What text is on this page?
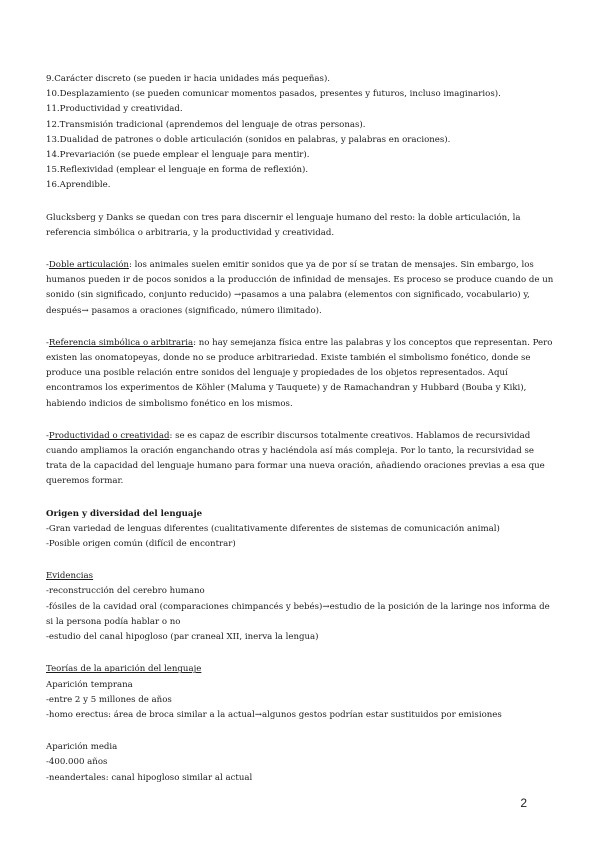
9.Carácter discreto (se pueden ir hacia unidades más pequeñas).

10.Desplazamiento (se pueden comunicar momentos pasados, presentes y futuros, incluso imaginarios).

11.Productividad y creatividad.

12.Transmisión tradicional (aprendemos del lenguaje de otras personas).

13.Dualidad de patrones o doble articulación (sonidos en palabras, y palabras en oraciones).

14.Prevariación (se puede emplear el lenguaje para mentir).

15.Reflexividad (emplear el lenguaje en forma de reflexión).

16.Aprendible.

Glucksberg y Danks se quedan con tres para discernir el lenguaje humano del resto: la doble articulación, la referencia simbólica o arbitraria, y la productividad y creatividad.

-Doble articulación: los animales suelen emitir sonidos que ya de por sí se tratan de mensajes. Sin embargo, los humanos pueden ir de pocos sonidos a la producción de infinidad de mensajes. Es proceso se produce cuando de un sonido (sin significado, conjunto reducido) →pasamos a una palabra (elementos con significado, vocabulario) y, después→ pasamos a oraciones (significado, número ilimitado).

-Referencia simbólica o arbitraria: no hay semejanza física entre las palabras y los conceptos que representan. Pero existen las onomatopeyas, donde no se produce arbitrariedad. Existe también el simbolismo fonético, donde se produce una posible relación entre sonidos del lenguaje y propiedades de los objetos representados. Aquí encontramos los experimentos de Köhler (Maluma y Tauquete) y de Ramachandran y Hubbard (Bouba y Kiki), habiendo indicios de simbolismo fonético en los mismos.

-Productividad o creatividad: se es capaz de escribir discursos totalmente creativos. Hablamos de recursividad cuando ampliamos la oración enganchando otras y haciéndola así más compleja. Por lo tanto, la recursividad se trata de la capacidad del lenguaje humano para formar una nueva oración, añadiendo oraciones previas a esa que queremos formar.

Origen y diversidad del lenguaje

-Gran variedad de lenguas diferentes (cualitativamente diferentes de sistemas de comunicación animal)

-Posible origen común (difícil de encontrar)

Evidencias

-reconstrucción del cerebro humano

-fósiles de la cavidad oral (comparaciones chimpancés y bebés)→estudio de la posición de la laringe nos informa de si la persona podía hablar o no

-estudio del canal hipogloso (par craneal XII, inerva la lengua)

Teorías de la aparición del lenguaje

Aparición temprana

-entre 2 y 5 millones de años

-homo erectus: área de broca similar a la actual→algunos gestos podrían estar sustituidos por emisiones

Aparición media

-400.000 años

-neandertales: canal hipogloso similar al actual

2
